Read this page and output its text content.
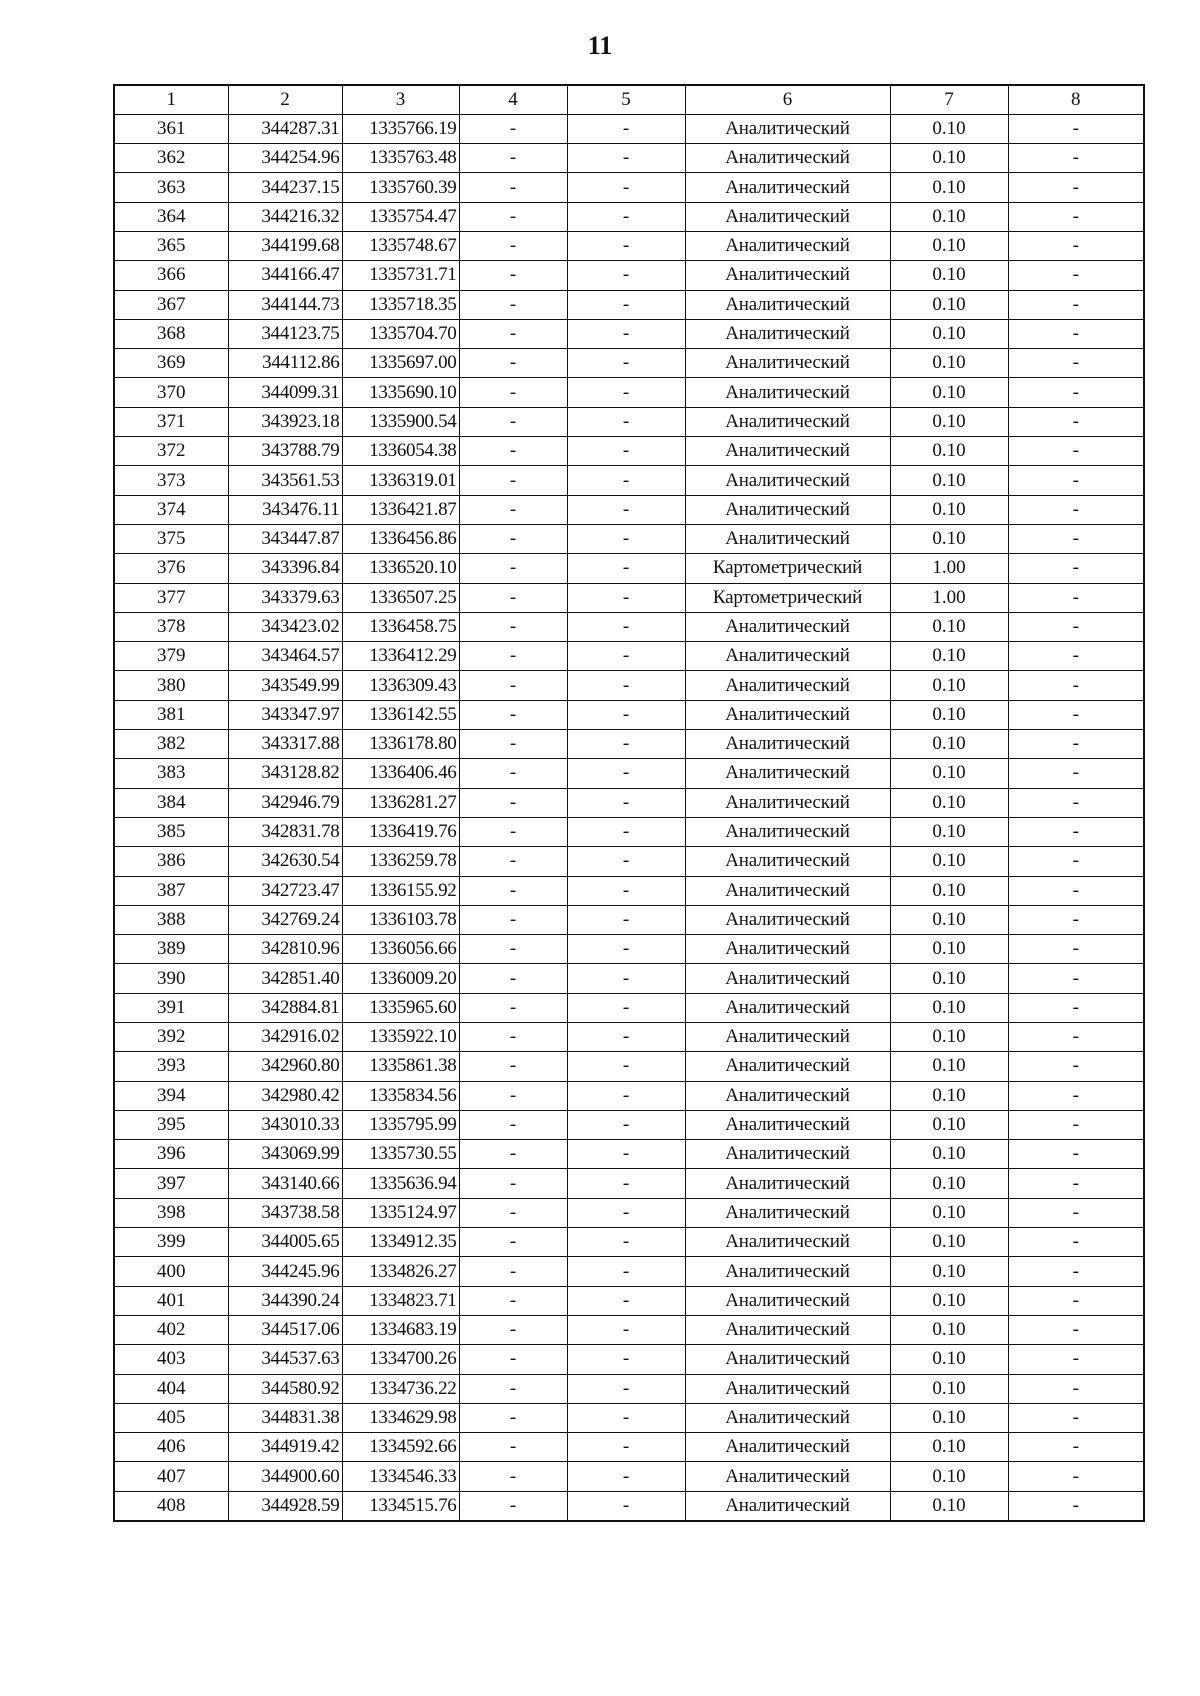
11
1	2	3	4	5	6	7	8
361	344287.31	1335766.19	-	-	Аналитический	0.10	-
362	344254.96	1335763.48	-	-	Аналитический	0.10	-
363	344237.15	1335760.39	-	-	Аналитический	0.10	-
364	344216.32	1335754.47	-	-	Аналитический	0.10	-
365	344199.68	1335748.67	-	-	Аналитический	0.10	-
366	344166.47	1335731.71	-	-	Аналитический	0.10	-
367	344144.73	1335718.35	-	-	Аналитический	0.10	-
368	344123.75	1335704.70	-	-	Аналитический	0.10	-
369	344112.86	1335697.00	-	-	Аналитический	0.10	-
370	344099.31	1335690.10	-	-	Аналитический	0.10	-
371	343923.18	1335900.54	-	-	Аналитический	0.10	-
372	343788.79	1336054.38	-	-	Аналитический	0.10	-
373	343561.53	1336319.01	-	-	Аналитический	0.10	-
374	343476.11	1336421.87	-	-	Аналитический	0.10	-
375	343447.87	1336456.86	-	-	Аналитический	0.10	-
376	343396.84	1336520.10	-	-	Картометрический	1.00	-
377	343379.63	1336507.25	-	-	Картометрический	1.00	-
378	343423.02	1336458.75	-	-	Аналитический	0.10	-
379	343464.57	1336412.29	-	-	Аналитический	0.10	-
380	343549.99	1336309.43	-	-	Аналитический	0.10	-
381	343347.97	1336142.55	-	-	Аналитический	0.10	-
382	343317.88	1336178.80	-	-	Аналитический	0.10	-
383	343128.82	1336406.46	-	-	Аналитический	0.10	-
384	342946.79	1336281.27	-	-	Аналитический	0.10	-
385	342831.78	1336419.76	-	-	Аналитический	0.10	-
386	342630.54	1336259.78	-	-	Аналитический	0.10	-
387	342723.47	1336155.92	-	-	Аналитический	0.10	-
388	342769.24	1336103.78	-	-	Аналитический	0.10	-
389	342810.96	1336056.66	-	-	Аналитический	0.10	-
390	342851.40	1336009.20	-	-	Аналитический	0.10	-
391	342884.81	1335965.60	-	-	Аналитический	0.10	-
392	342916.02	1335922.10	-	-	Аналитический	0.10	-
393	342960.80	1335861.38	-	-	Аналитический	0.10	-
394	342980.42	1335834.56	-	-	Аналитический	0.10	-
395	343010.33	1335795.99	-	-	Аналитический	0.10	-
396	343069.99	1335730.55	-	-	Аналитический	0.10	-
397	343140.66	1335636.94	-	-	Аналитический	0.10	-
398	343738.58	1335124.97	-	-	Аналитический	0.10	-
399	344005.65	1334912.35	-	-	Аналитический	0.10	-
400	344245.96	1334826.27	-	-	Аналитический	0.10	-
401	344390.24	1334823.71	-	-	Аналитический	0.10	-
402	344517.06	1334683.19	-	-	Аналитический	0.10	-
403	344537.63	1334700.26	-	-	Аналитический	0.10	-
404	344580.92	1334736.22	-	-	Аналитический	0.10	-
405	344831.38	1334629.98	-	-	Аналитический	0.10	-
406	344919.42	1334592.66	-	-	Аналитический	0.10	-
407	344900.60	1334546.33	-	-	Аналитический	0.10	-
408	344928.59	1334515.76	-	-	Аналитический	0.10	-
